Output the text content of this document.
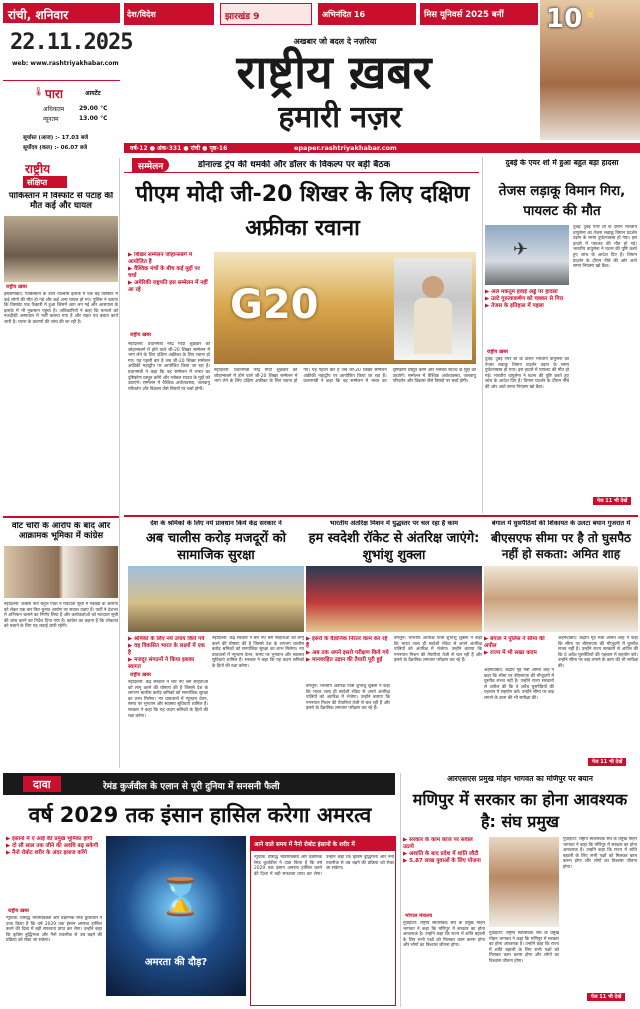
रांची, शनिवार
22.11.2025
web: www.rashtriyakhabar.com
देश/विदेश	झारखंड 9	अभिनंदित 16	मिस यूनिवर्स 2025 बनीं
अखबार जो बदल दे नज़रिया
राष्ट्रीय ख़बर
हमारी नज़र
10 ♛
🌡 पारा	आयटेंट
अधिकतम 29.00 °C
न्यूनतम	13.00 °C
सूर्यास्त (आज) :- 17.03 बजे
सूर्योदय (कल) :- 06.07 बजे	वर्ष-12 ● अंक-331 ● रांची ● पृष्ठ-16	epaper.rashtriyakhabar.com
राष्ट्रीय
संक्षिप्त
पाकिस्तान में विस्फोट से पटाह की मौत कई और घायल
राष्ट्रीय ख़बर
इस्लामाबाद: पाकिस्तान के उत्तर पश्चिमी इलाके में एक बड़े विस्फोट में कई लोगों की मौत हो गई और कई अन्य घायल हो गए। पुलिस ने बताया कि विस्फोट एक फैक्टरी में हुआ जिसमें आग लग गई और आसपास के इलाके में भी नुकसान पहुंचा है। अधिकारियों ने कहा कि घायलों को नजदीकी अस्पताल में भर्ती कराया गया है और राहत एवं बचाव कार्य जारी है। घटना के कारणों की जांच की जा रही है।
वोट चोरी के आरोप के बाद और आक्रामक भूमिका में कांग्रेस
नईदिल्ली: कांग्रेस नेता राहुल गांधी ने मतदाता सूची में गड़बड़ी के आरोपों को लेकर एक बार फिर चुनाव आयोग पर सवाल उठाए हैं। पार्टी ने देशभर में अभियान चलाने का निर्णय लिया है और कार्यकर्ताओं को मतदाता सूची की जांच करने का निर्देश दिया गया है। कांग्रेस का कहना है कि लोकतंत्र को बचाने के लिए यह लड़ाई जारी रहेगी।
सम्मेलन	डोनाल्ड ट्रंप की धमकी और डॉलर के विकल्प पर बड़ी बैठक
पीएम मोदी जी-20 शिखर के लिए दक्षिण अफ्रीका रवाना
▶ शिखर सम्मेलन जोहान्सबर्ग में आयोजित है
▶ वैश्विक मंचों के बीच कई मुद्दों पर चर्चा
▶ अमेरिकी राष्ट्रपति इस सम्मेलन में नहीं आ रहे
राष्ट्रीय ख़बर
नईदिल्ली: प्रधानमंत्री नरेंद्र मोदी शुक्रवार को जोहान्सबर्ग में होने वाले जी-20 शिखर सम्मेलन में भाग लेने के लिए दक्षिण अफ्रीका के लिए रवाना हो गए। यह पहली बार है जब जी-20 शिखर सम्मेलन अफ्रीकी महाद्वीप पर आयोजित किया जा रहा है। प्रधानमंत्री ने कहा कि वह सम्मेलन में भारत का दृष्टिकोण प्रस्तुत करेंगे और ग्लोबल साउथ के मुद्दों को उठाएंगे। सम्मेलन में वैश्विक अर्थव्यवस्था, जलवायु परिवर्तन और विकास जैसे विषयों पर चर्चा होगी।
G20
नईदिल्ली: प्रधानमंत्री नरेंद्र मोदी शुक्रवार को जोहान्सबर्ग में होने वाले जी-20 शिखर सम्मेलन में भाग लेने के लिए दक्षिण अफ्रीका के लिए रवाना हो गए। यह पहली बार है जब जी-20 शिखर सम्मेलन अफ्रीकी महाद्वीप पर आयोजित किया जा रहा है। प्रधानमंत्री ने कहा कि वह सम्मेलन में भारत का दृष्टिकोण प्रस्तुत करेंगे और ग्लोबल साउथ के मुद्दों को उठाएंगे। सम्मेलन में वैश्विक अर्थव्यवस्था, जलवायु परिवर्तन और विकास जैसे विषयों पर चर्चा होगी।
दुबई के एयर शो में हुआ बहुत बड़ा हादसा
तेजस लड़ाकू विमान गिरा, पायलट की मौत
✈
▶ अल मकतूम हवाई अड्डे पर हादसा
▶ उल्टे गुरुत्वाकर्षण को चक्कर से गिरा
▶ तेजस के इतिहास में पहला
राष्ट्रीय ख़बर
दुबई: दुबई एयर शो के दौरान भारतीय वायुसेना का तेजस लड़ाकू विमान प्रदर्शन उड़ान के समय दुर्घटनाग्रस्त हो गया। इस हादसे में पायलट की मौत हो गई। भारतीय वायुसेना ने घटना की पुष्टि करते हुए जांच के आदेश दिए हैं। विमान प्रदर्शन के दौरान नीचे की ओर आते समय नियंत्रण खो बैठा।
दुबई: दुबई एयर शो के दौरान भारतीय वायुसेना का तेजस लड़ाकू विमान प्रदर्शन उड़ान के समय दुर्घटनाग्रस्त हो गया। इस हादसे में पायलट की मौत हो गई। भारतीय वायुसेना ने घटना की पुष्टि करते हुए जांच के आदेश दिए हैं। विमान प्रदर्शन के दौरान नीचे की ओर आते समय नियंत्रण खो बैठा।
पेज 11 भी देखें
देश के श्रमिकों के लिए नये प्रावधान किये केंद्र सरकार ने
अब चालीस करोड़ मजदूरों को सामाजिक सुरक्षा
भारतीय अंतरिक्ष मिशन में युद्धस्तर पर चल रहा है काम
हम स्वदेशी रॉकेट से अंतरिक्ष जाएंगे: शुभांशु शुक्ला
बंगाल में घुसपैठियों की शिकायत के उलटा बयान गुजरात में
बीएसएफ सीमा पर है तो घुसपैठ नहीं हो सकता: अमित शाह
▶ श्रमिकों के लिए नये उपाय किये गये
▶ वह विकसित भारत के लक्ष्यों में एक है
▶ मजदूर संगठनों ने किया इसका स्वागत
राष्ट्रीय ख़बर
नईदिल्ली: केंद्र सरकार ने चार नए श्रम संहिताओं को लागू करने की घोषणा की है जिससे देश के लगभग चालीस करोड़ श्रमिकों को सामाजिक सुरक्षा का लाभ मिलेगा। नए प्रावधानों में न्यूनतम वेतन, समय पर भुगतान और स्वास्थ्य सुविधाएं शामिल हैं। सरकार ने कहा कि यह कदम श्रमिकों के हितों की रक्षा करेगा।
नईदिल्ली: केंद्र सरकार ने चार नए श्रम संहिताओं को लागू करने की घोषणा की है जिससे देश के लगभग चालीस करोड़ श्रमिकों को सामाजिक सुरक्षा का लाभ मिलेगा। नए प्रावधानों में न्यूनतम वेतन, समय पर भुगतान और स्वास्थ्य सुविधाएं शामिल हैं। सरकार ने कहा कि यह कदम श्रमिकों के हितों की रक्षा करेगा।
▶ इसरो के वैज्ञानिक निरंतर काम कर रहे हैं
▶ अब तक अपने इसरो परीक्षण किये गये
▶ मानवरहित उड़ान की तैयारी पूरी हुई
बेंगलुरु: भारतीय अंतरिक्ष यात्री शुभांशु शुक्ला ने कहा कि भारत जल्द ही स्वदेशी रॉकेट से अपने अंतरिक्ष यात्रियों को अंतरिक्ष में भेजेगा। उन्होंने बताया कि गगनयान मिशन की तैयारियां तेजी से चल रही हैं और इसरो के वैज्ञानिक लगातार परीक्षण कर रहे हैं।
बेंगलुरु: भारतीय अंतरिक्ष यात्री शुभांशु शुक्ला ने कहा कि भारत जल्द ही स्वदेशी रॉकेट से अपने अंतरिक्ष यात्रियों को अंतरिक्ष में भेजेगा। उन्होंने बताया कि गगनयान मिशन की तैयारियां तेजी से चल रही हैं और इसरो के वैज्ञानिक लगातार परीक्षण कर रहे हैं।
▶ बंगाल ने पुलिस ने सीमा की अपील
▶ राज्य में भी सख्त कदम
अहमदाबाद: केंद्रीय गृह मंत्री अमित शाह ने कहा कि सीमा पर बीएसएफ की मौजूदगी में घुसपैठ संभव नहीं है। उन्होंने राज्य सरकारों से अपील की कि वे अवैध घुसपैठियों की पहचान में सहयोग करें। उन्होंने सीमा पर बाड़ लगाने के काम की भी समीक्षा की।
अहमदाबाद: केंद्रीय गृह मंत्री अमित शाह ने कहा कि सीमा पर बीएसएफ की मौजूदगी में घुसपैठ संभव नहीं है। उन्होंने राज्य सरकारों से अपील की कि वे अवैध घुसपैठियों की पहचान में सहयोग करें। उन्होंने सीमा पर बाड़ लगाने के काम की भी समीक्षा की।
पेज 11 भी देखें
दावा	रेमंड कुर्जवील के एलान से पूरी दुनिया में सनसनी फैली
वर्ष 2029 तक इंसान हासिल करेगा अमरत्व
▶ इंसानों में ए आई की प्रमुख भूमिका होगी
▶ दो सौ साल तक जीने की अवधि बढ़ सकेगी
▶ नैनो रोबोट शरीर के अंदर इलाज करेंगे
राष्ट्रीय ख़बर
न्यूयॉर्क: प्रसिद्ध भविष्यवक्ता और वैज्ञानिक रेमंड कुर्जवील ने दावा किया है कि वर्ष 2029 तक इंसान अमरत्व हासिल करने की दिशा में बड़ी सफलता प्राप्त कर लेगा। उन्होंने कहा कि कृत्रिम बुद्धिमत्ता और नैनो तकनीक से उम्र बढ़ने की प्रक्रिया को रोका जा सकेगा।
⌛
अमरता की दौड़?
आने वाले समय में नैनो रोबोट इंसानों के शरीर में
न्यूयॉर्क: प्रसिद्ध भविष्यवक्ता और वैज्ञानिक रेमंड कुर्जवील ने दावा किया है कि वर्ष 2029 तक इंसान अमरत्व हासिल करने की दिशा में बड़ी सफलता प्राप्त कर लेगा। उन्होंने कहा कि कृत्रिम बुद्धिमत्ता और नैनो तकनीक से उम्र बढ़ने की प्रक्रिया को रोका जा सकेगा।
आरएसएस प्रमुख मोहन भागवत का मणिपुर पर बयान
मणिपुर में सरकार का होना आवश्यक है: संघ प्रमुख
▶ सरकार के काम काज पर सवाल उठाये
▶ अशांति के बाद प्रदेश में शांति लौटी
▶ 5.87 लाख युवाओं के लिए योजना
भोपाल मंत्रालय
गुवाहाटी: राष्ट्रीय स्वयंसेवक संघ के प्रमुख मोहन भागवत ने कहा कि मणिपुर में सरकार का होना आवश्यक है। उन्होंने कहा कि राज्य में शांति बहाली के लिए सभी पक्षों को मिलकर काम करना होगा और लोगों का विश्वास जीतना होगा।
गुवाहाटी: राष्ट्रीय स्वयंसेवक संघ के प्रमुख मोहन भागवत ने कहा कि मणिपुर में सरकार का होना आवश्यक है। उन्होंने कहा कि राज्य में शांति बहाली के लिए सभी पक्षों को मिलकर काम करना होगा और लोगों का विश्वास जीतना होगा।
गुवाहाटी: राष्ट्रीय स्वयंसेवक संघ के प्रमुख मोहन भागवत ने कहा कि मणिपुर में सरकार का होना आवश्यक है। उन्होंने कहा कि राज्य में शांति बहाली के लिए सभी पक्षों को मिलकर काम करना होगा और लोगों का विश्वास जीतना होगा।
पेज 11 भी देखें
